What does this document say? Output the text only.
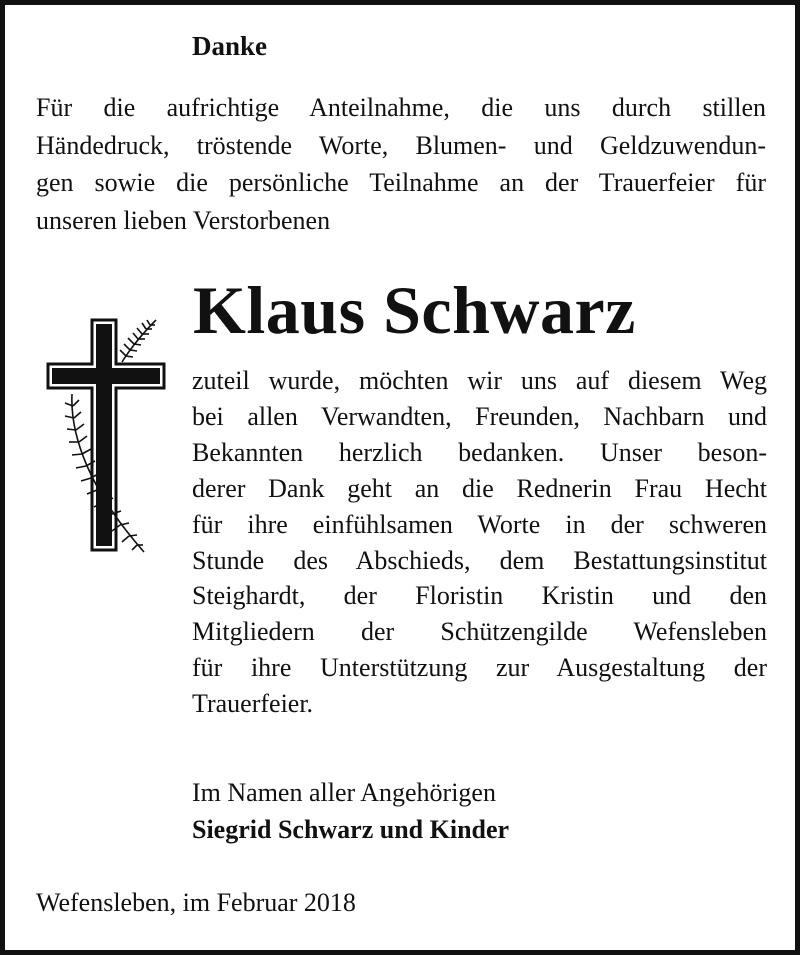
Danke
Für die aufrichtige Anteilnahme, die uns durch stillen
Händedruck, tröstende Worte, Blumen- und Geldzuwendun-
gen sowie die persönliche Teilnahme an der Trauerfeier für
unseren lieben Verstorbenen
Klaus Schwarz
zuteil wurde, möchten wir uns auf diesem Weg
bei allen Verwandten, Freunden, Nachbarn und
Bekannten herzlich bedanken. Unser beson-
derer Dank geht an die Rednerin Frau Hecht
für ihre einfühlsamen Worte in der schweren
Stunde des Abschieds, dem Bestattungsinstitut
Steighardt, der Floristin Kristin und den
Mitgliedern der Schützengilde Wefensleben
für ihre Unterstützung zur Ausgestaltung der
Trauerfeier.
Im Namen aller Angehörigen
Siegrid Schwarz und Kinder
Wefensleben, im Februar 2018
